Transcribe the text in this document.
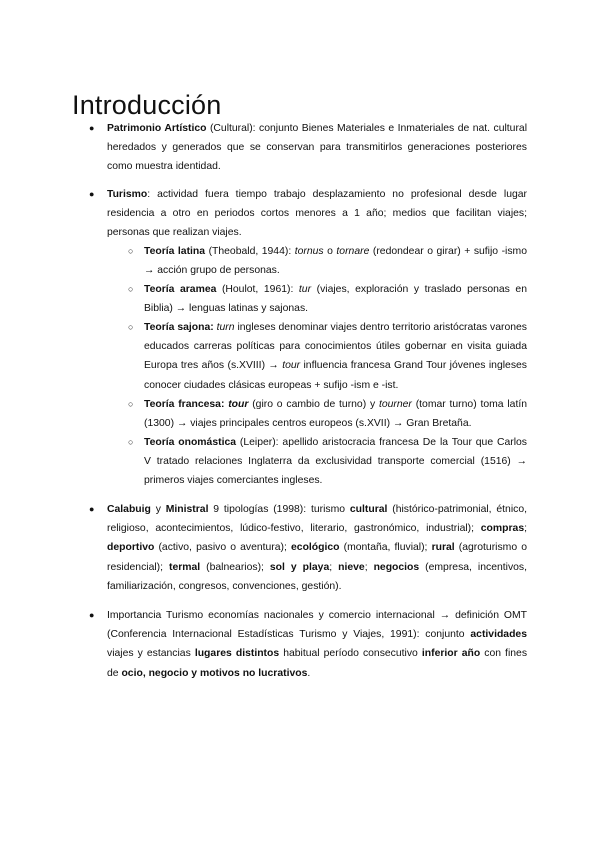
Introducción
● Patrimonio Artístico (Cultural): conjunto Bienes Materiales e Inmateriales de nat. cultural heredados y generados que se conservan para transmitirlos generaciones posteriores como muestra identidad.
● Turismo: actividad fuera tiempo trabajo desplazamiento no profesional desde lugar residencia a otro en periodos cortos menores a 1 año; medios que facilitan viajes; personas que realizan viajes.
○ Teoría latina (Theobald, 1944): tornus o tornare (redondear o girar) + sufijo -ismo → acción grupo de personas.
○ Teoría aramea (Houlot, 1961): tur (viajes, exploración y traslado personas en Biblia) → lenguas latinas y sajonas.
○ Teoría sajona: turn ingleses denominar viajes dentro territorio aristócratas varones educados carreras políticas para conocimientos útiles gobernar en visita guiada Europa tres años (s.XVIII) → tour influencia francesa Grand Tour jóvenes ingleses conocer ciudades clásicas europeas + sufijo -ism e -ist.
○ Teoría francesa: tour (giro o cambio de turno) y tourner (tomar turno) toma latín (1300) → viajes principales centros europeos (s.XVII) → Gran Bretaña.
○ Teoría onomástica (Leiper): apellido aristocracia francesa De la Tour que Carlos V tratado relaciones Inglaterra da exclusividad transporte comercial (1516) → primeros viajes comerciantes ingleses.
● Calabuig y Ministral 9 tipologías (1998): turismo cultural (histórico-patrimonial, étnico, religioso, acontecimientos, lúdico-festivo, literario, gastronómico, industrial); compras; deportivo (activo, pasivo o aventura); ecológico (montaña, fluvial); rural (agroturismo o residencial); termal (balnearios); sol y playa; nieve; negocios (empresa, incentivos, familiarización, congresos, convenciones, gestión).
● Importancia Turismo economías nacionales y comercio internacional → definición OMT (Conferencia Internacional Estadísticas Turismo y Viajes, 1991): conjunto actividades viajes y estancias lugares distintos habitual período consecutivo inferior año con fines de ocio, negocio y motivos no lucrativos.
